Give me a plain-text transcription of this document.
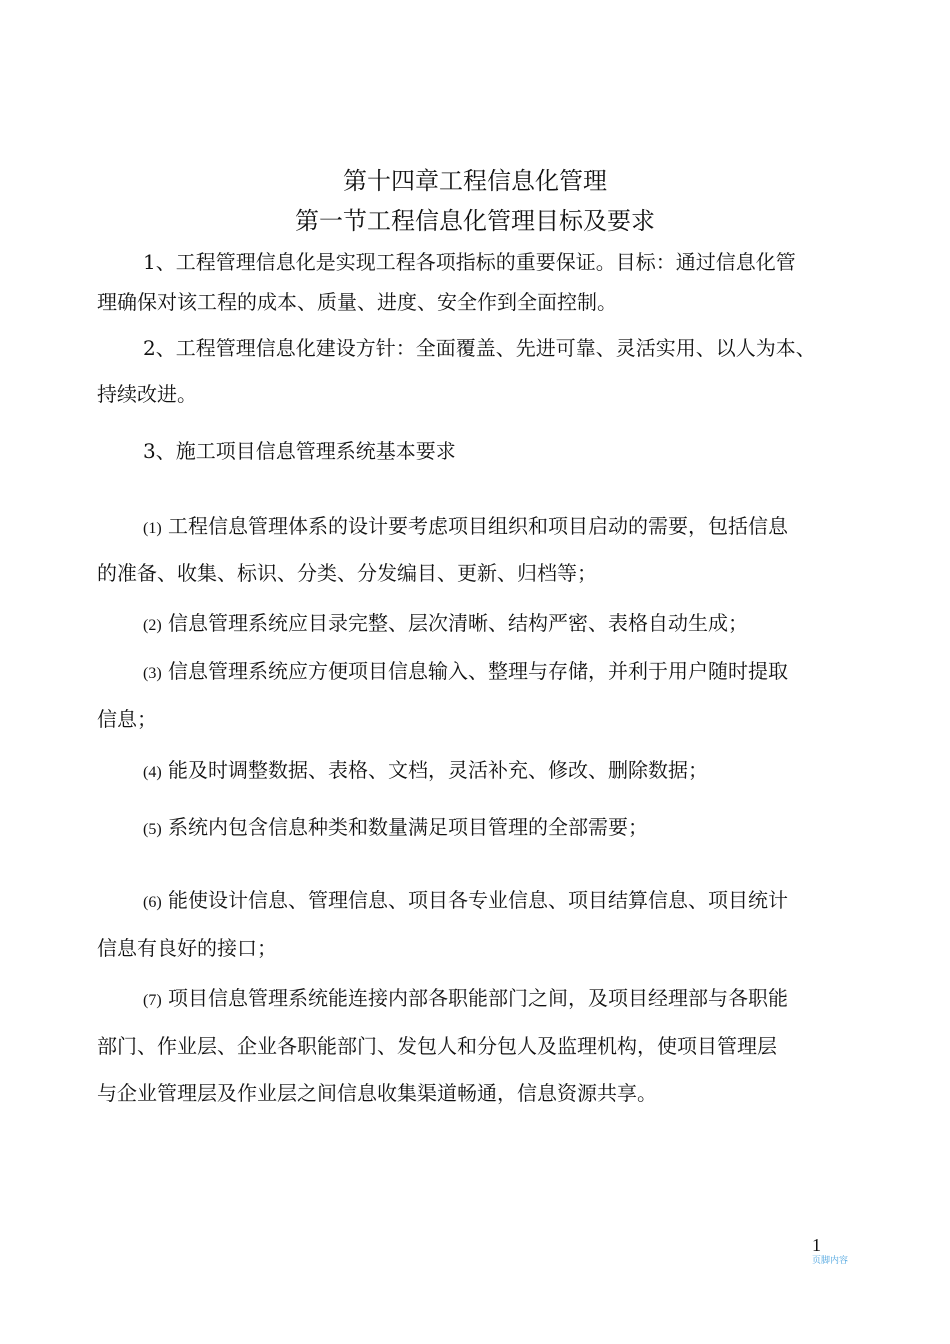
第十四章工程信息化管理
第一节工程信息化管理目标及要求
1、工程管理信息化是实现工程各项指标的重要保证。目标：通过信息化管
理确保对该工程的成本、质量、进度、安全作到全面控制。
2、工程管理信息化建设方针：全面覆盖、先进可靠、灵活实用、以人为本、
持续改进。
3、施工项目信息管理系统基本要求
(1) 工程信息管理体系的设计要考虑项目组织和项目启动的需要，包括信息
的准备、收集、标识、分类、分发编目、更新、归档等；
(2) 信息管理系统应目录完整、层次清晰、结构严密、表格自动生成；
(3) 信息管理系统应方便项目信息输入、整理与存储，并利于用户随时提取
信息；
(4) 能及时调整数据、表格、文档，灵活补充、修改、删除数据；
(5) 系统内包含信息种类和数量满足项目管理的全部需要；
(6) 能使设计信息、管理信息、项目各专业信息、项目结算信息、项目统计
信息有良好的接口；
(7) 项目信息管理系统能连接内部各职能部门之间，及项目经理部与各职能
部门、作业层、企业各职能部门、发包人和分包人及监理机构，使项目管理层
与企业管理层及作业层之间信息收集渠道畅通，信息资源共享。
1
页脚内容
